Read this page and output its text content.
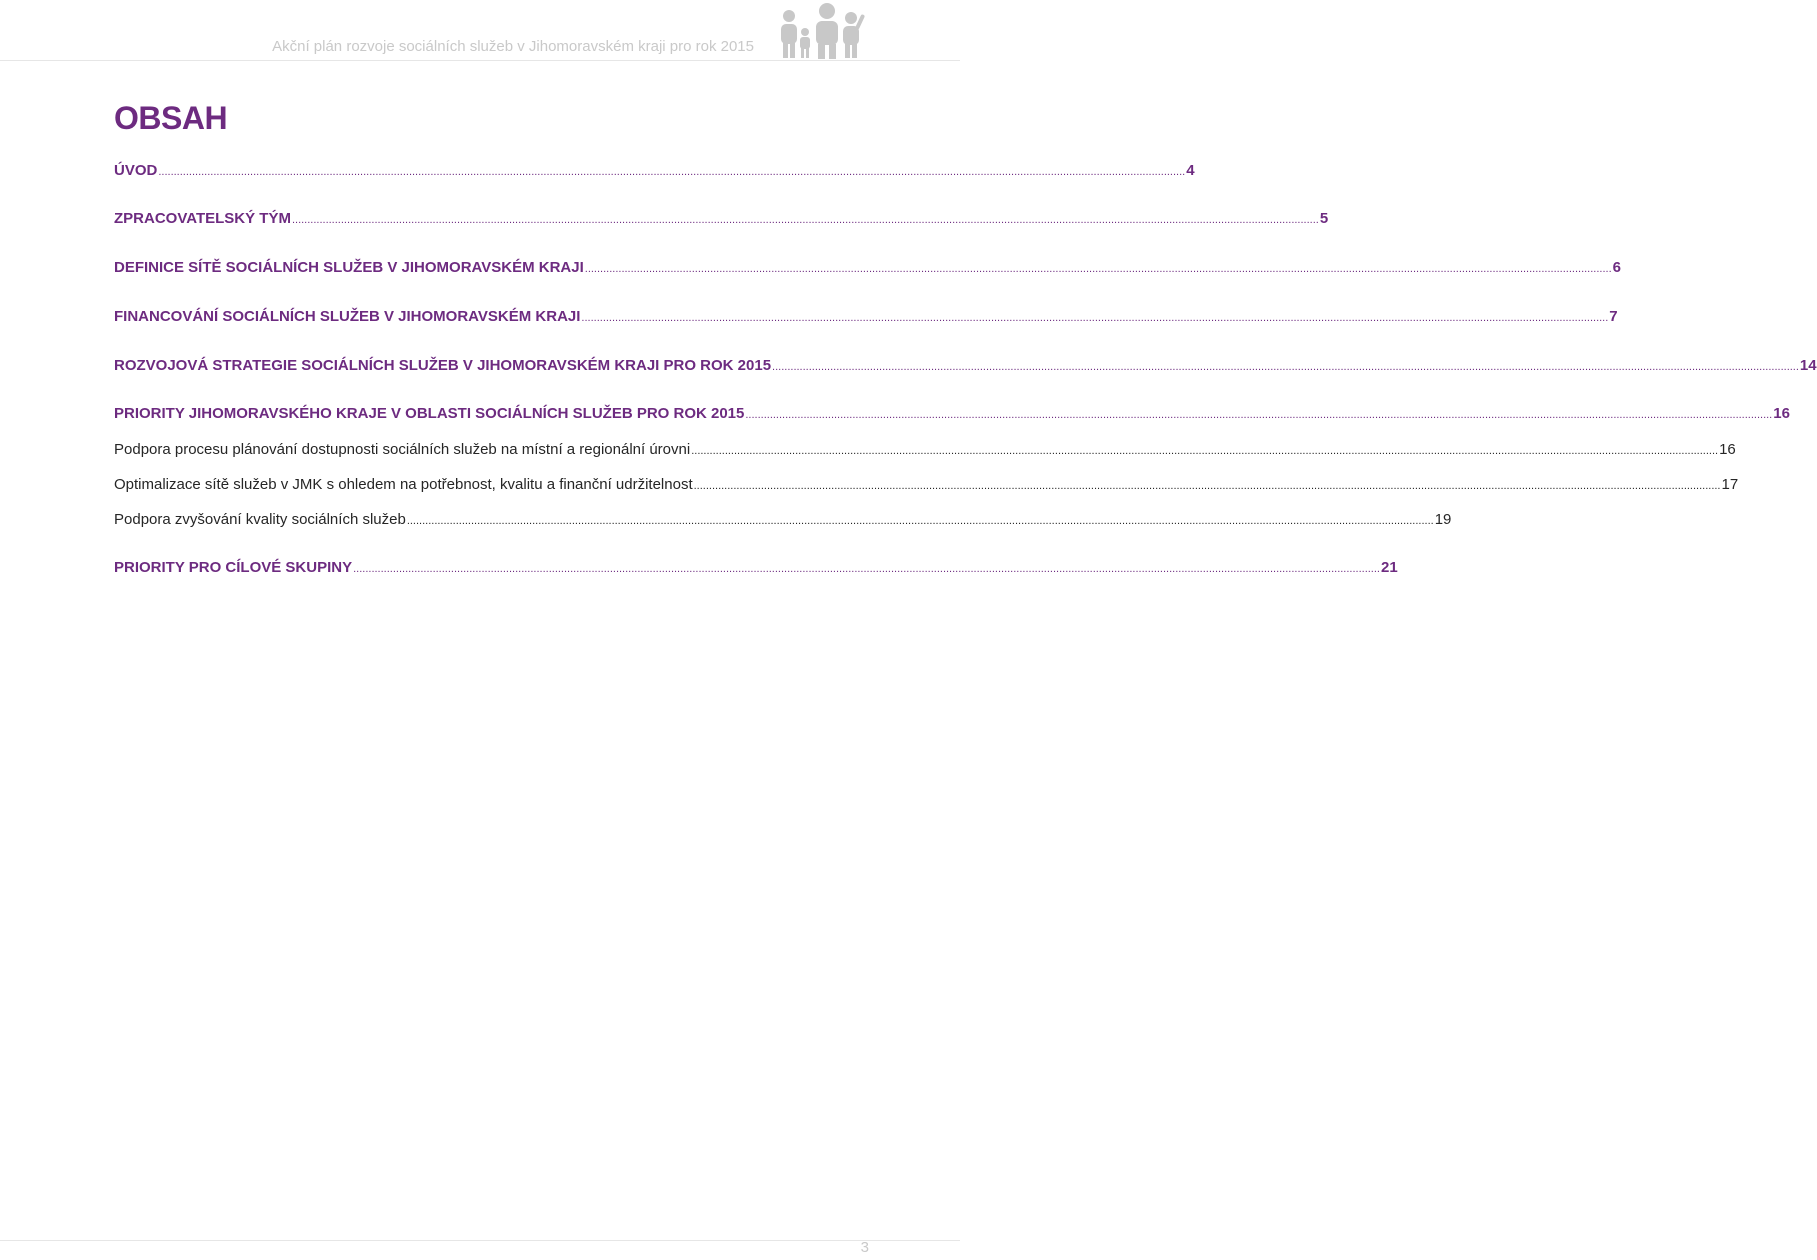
Akční plán rozvoje sociálních služeb v Jihomoravském kraji pro rok 2015
OBSAH
ÚVOD .....	4
ZPRACOVATELSKÝ TÝM .....	5
DEFINICE SÍTĚ SOCIÁLNÍCH SLUŽEB V JIHOMORAVSKÉM KRAJI .....	6
FINANCOVÁNÍ SOCIÁLNÍCH SLUŽEB V JIHOMORAVSKÉM KRAJI .....	7
ROZVOJOVÁ STRATEGIE SOCIÁLNÍCH SLUŽEB V JIHOMORAVSKÉM KRAJI PRO ROK 2015 .....	14
PRIORITY JIHOMORAVSKÉHO KRAJE V OBLASTI SOCIÁLNÍCH SLUŽEB PRO ROK 2015 .....	16
Podpora procesu plánování dostupnosti sociálních služeb na místní a regionální úrovni .....	16
Optimalizace sítě služeb v JMK s ohledem na potřebnost, kvalitu a finanční udržitelnost .....	17
Podpora zvyšování kvality sociálních služeb .....	19
PRIORITY PRO CÍLOVÉ SKUPINY .....	21
3
